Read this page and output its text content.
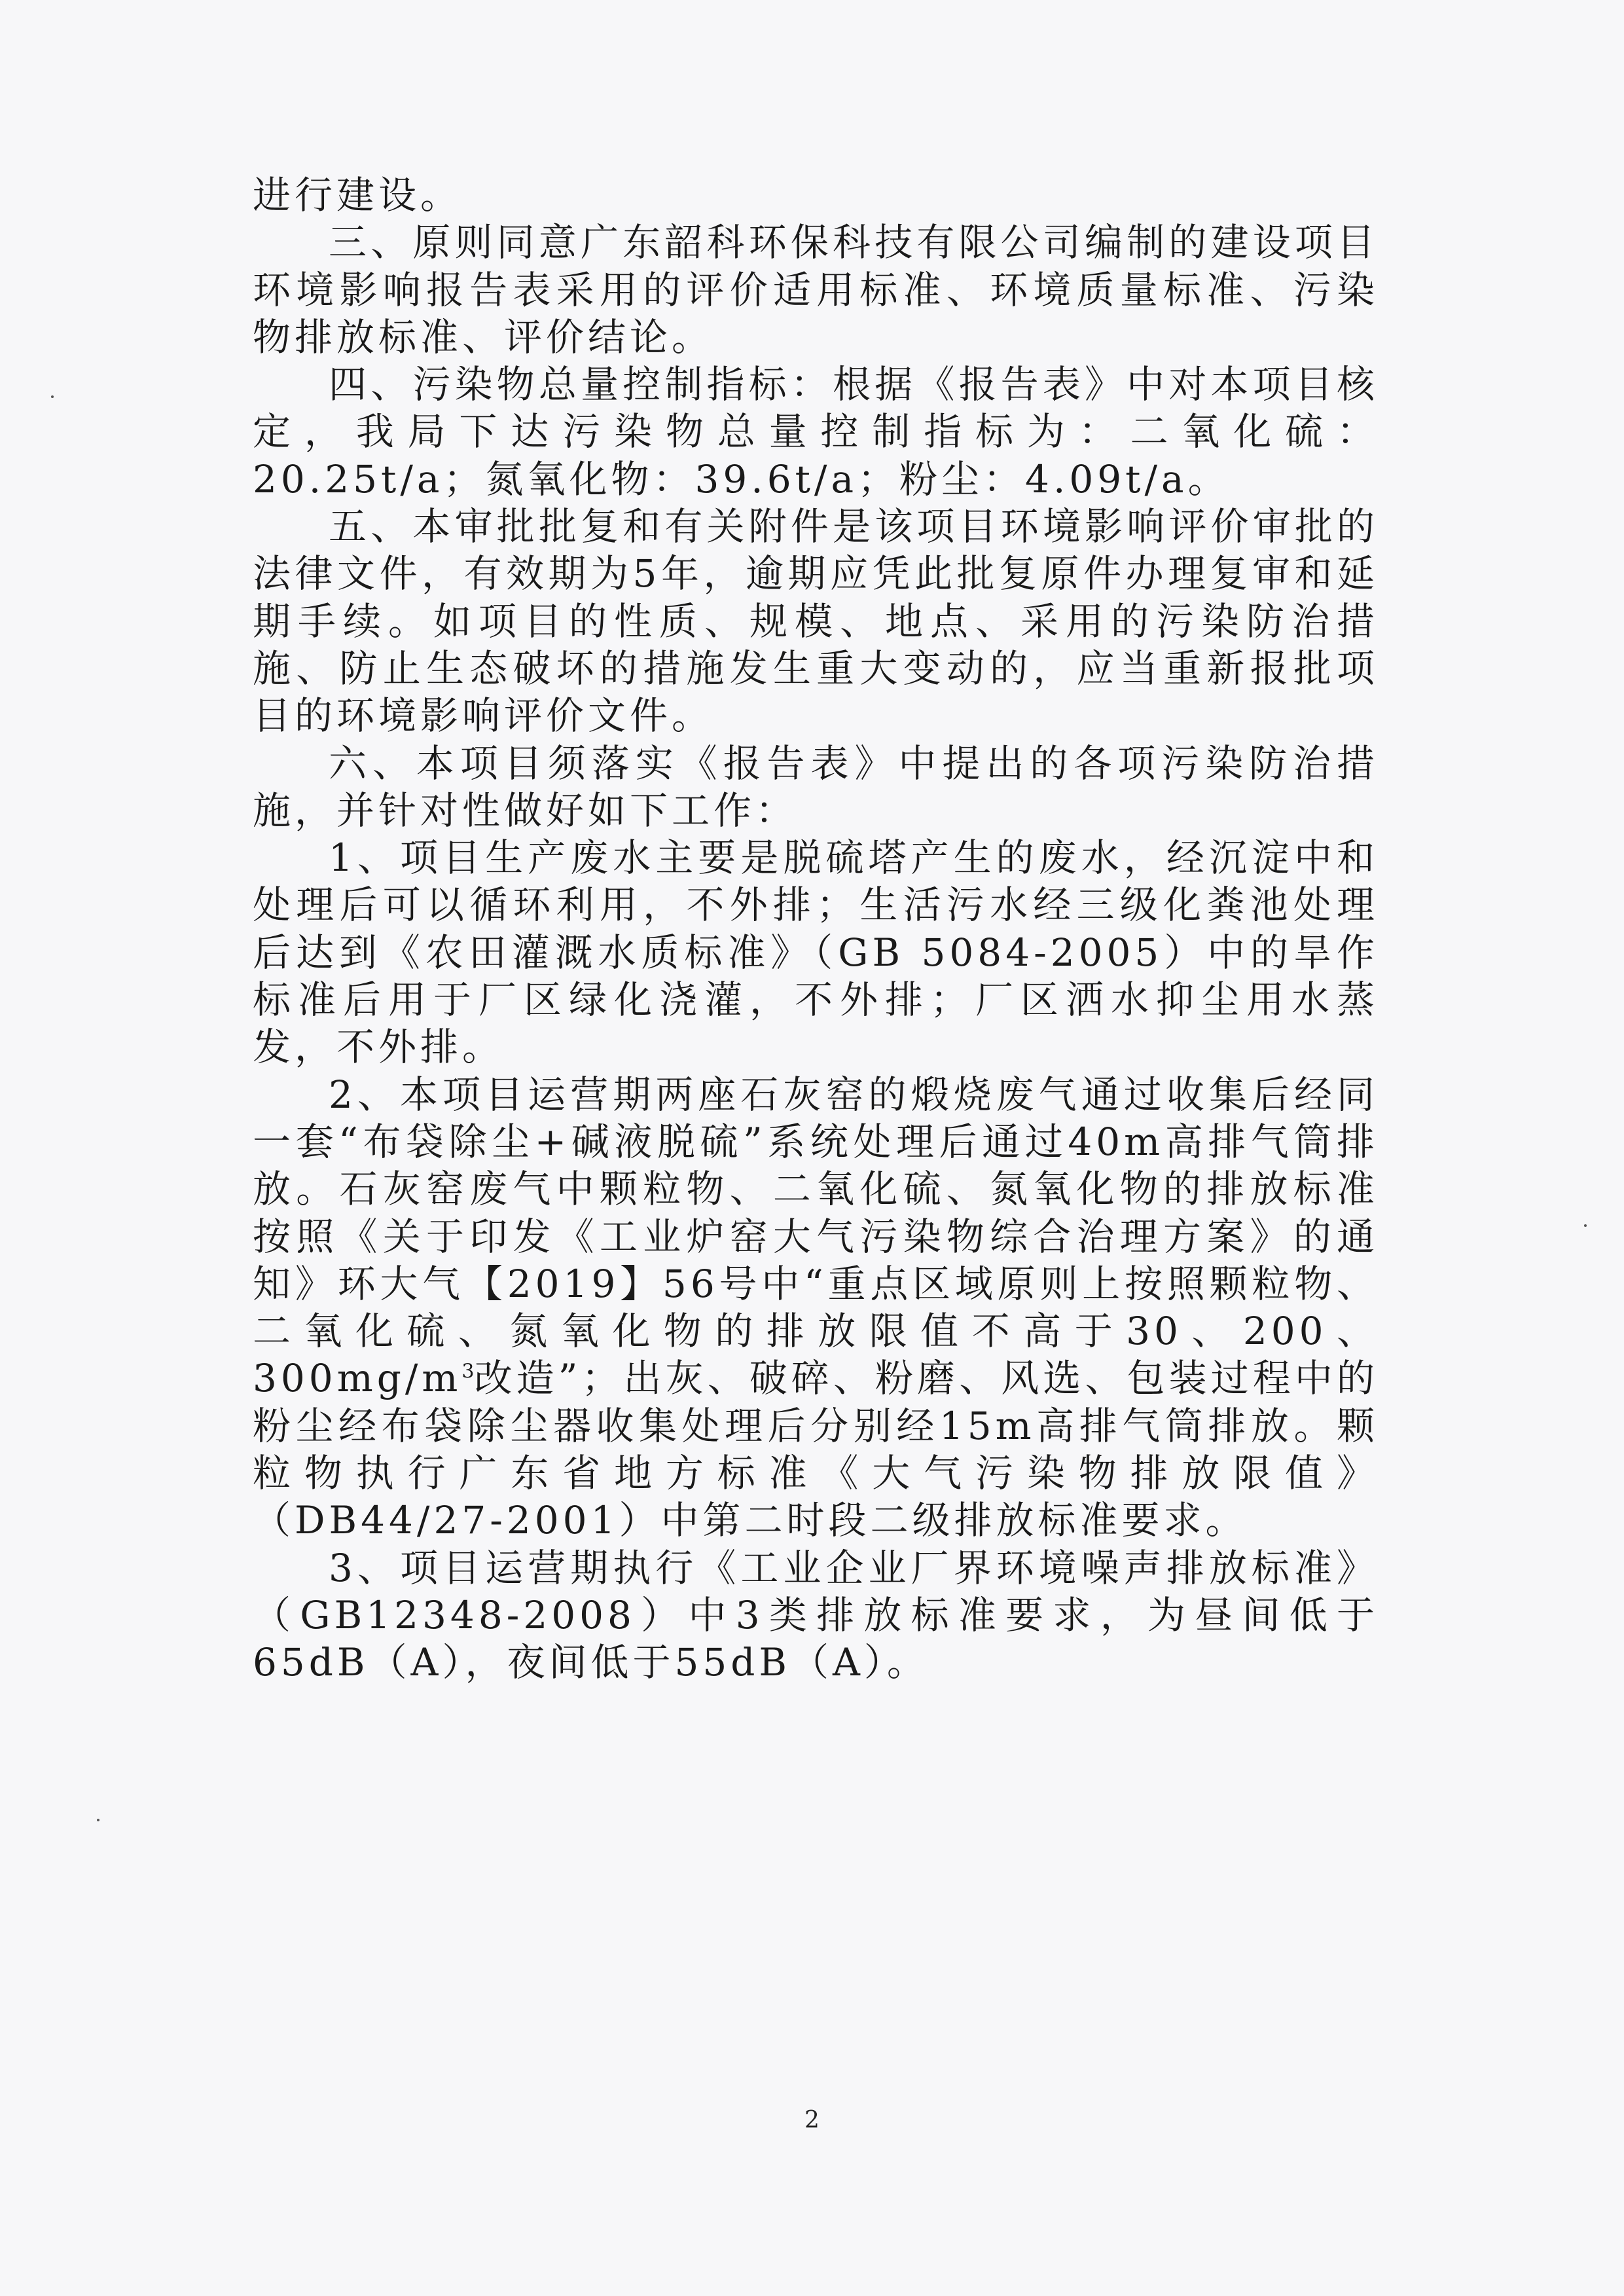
进行建设。

三、原则同意广东韶科环保科技有限公司编制的建设项目环境影响报告表采用的评价适用标准、环境质量标准、污染物排放标准、评价结论。

四、污染物总量控制指标：根据《报告表》中对本项目核定，我局下达污染物总量控制指标为：二氧化硫：20.25t/a；氮氧化物：39.6t/a；粉尘：4.09t/a。

五、本审批批复和有关附件是该项目环境影响评价审批的法律文件，有效期为5年，逾期应凭此批复原件办理复审和延期手续。如项目的性质、规模、地点、采用的污染防治措施、防止生态破坏的措施发生重大变动的，应当重新报批项目的环境影响评价文件。

六、本项目须落实《报告表》中提出的各项污染防治措施，并针对性做好如下工作：

1、项目生产废水主要是脱硫塔产生的废水，经沉淀中和处理后可以循环利用，不外排；生活污水经三级化粪池处理后达到《农田灌溉水质标准》（GB 5084-2005）中的旱作标准后用于厂区绿化浇灌，不外排；厂区洒水抑尘用水蒸发，不外排。

2、本项目运营期两座石灰窑的煅烧废气通过收集后经同一套“布袋除尘+碱液脱硫”系统处理后通过40m高排气筒排放。石灰窑废气中颗粒物、二氧化硫、氮氧化物的排放标准按照《关于印发《工业炉窑大气污染物综合治理方案》的通知》环大气【2019】56号中“重点区域原则上按照颗粒物、二氧化硫、氮氧化物的排放限值不高于30、200、$300mg/m^3$改造”；出灰、破碎、粉磨、风选、包装过程中的粉尘经布袋除尘器收集处理后分别经15m高排气筒排放。颗粒物执行广东省地方标准《大气污染物排放限值》（DB44/27-2001）中第二时段二级排放标准要求。

3、项目运营期执行《工业企业厂界环境噪声排放标准》（GB12348-2008）中3类排放标准要求，为昼间低于65dB（A），夜间低于55dB（A）。

2
